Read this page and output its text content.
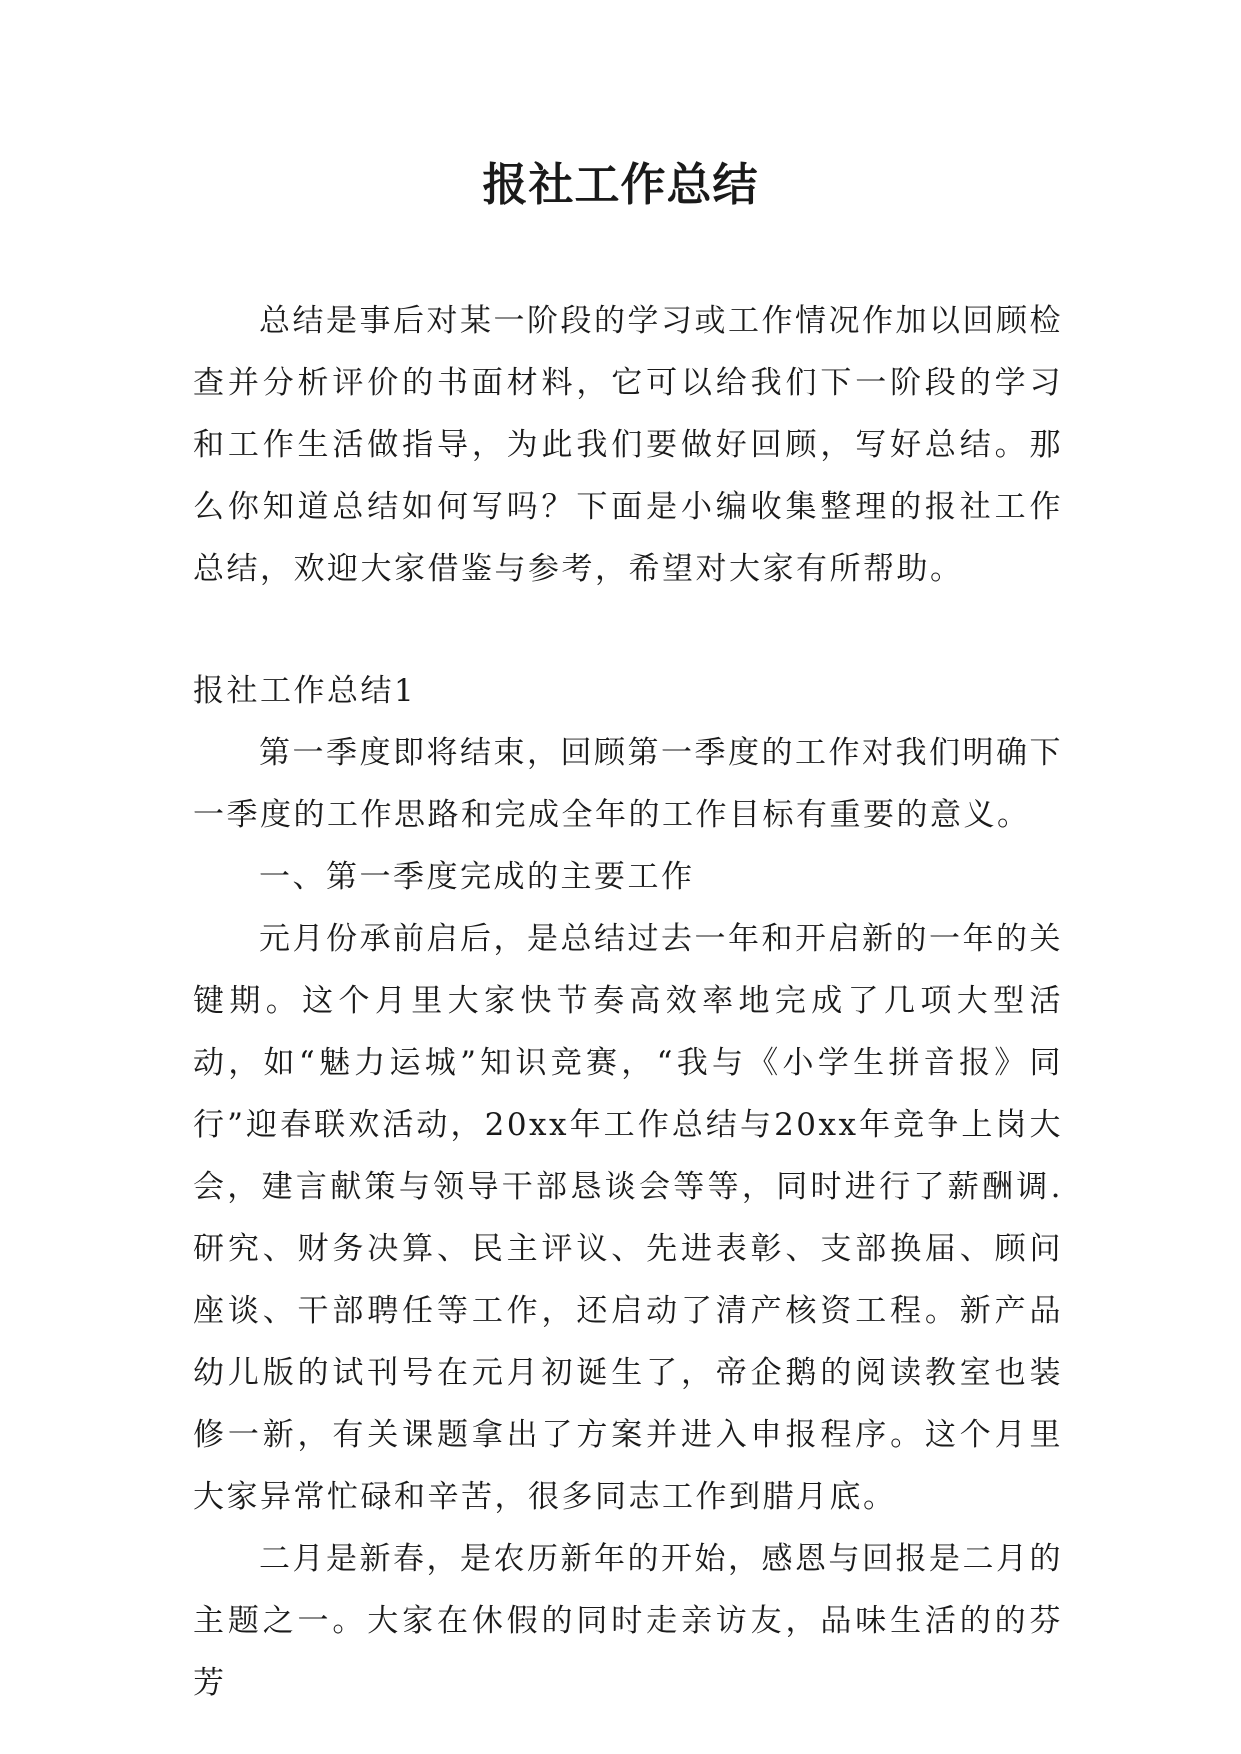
报社工作总结

总结是事后对某一阶段的学习或工作情况作加以回顾检查并分析评价的书面材料，它可以给我们下一阶段的学习和工作生活做指导，为此我们要做好回顾，写好总结。那么你知道总结如何写吗？下面是小编收集整理的报社工作总结，欢迎大家借鉴与参考，希望对大家有所帮助。

报社工作总结1

第一季度即将结束，回顾第一季度的工作对我们明确下一季度的工作思路和完成全年的工作目标有重要的意义。

一、第一季度完成的主要工作

元月份承前启后，是总结过去一年和开启新的一年的关键期。这个月里大家快节奏高效率地完成了几项大型活动，如“魅力运城”知识竞赛，“我与《小学生拼音报》同行”迎春联欢活动，20xx年工作总结与20xx年竞争上岗大会，建言献策与领导干部恳谈会等等，同时进行了薪酬调.研究、财务决算、民主评议、先进表彰、支部换届、顾问座谈、干部聘任等工作，还启动了清产核资工程。新产品幼儿版的试刊号在元月初诞生了，帝企鹅的阅读教室也装修一新，有关课题拿出了方案并进入申报程序。这个月里大家异常忙碌和辛苦，很多同志工作到腊月底。

二月是新春，是农历新年的开始，感恩与回报是二月的主题之一。大家在休假的同时走亲访友，品味生活的的芬芳
